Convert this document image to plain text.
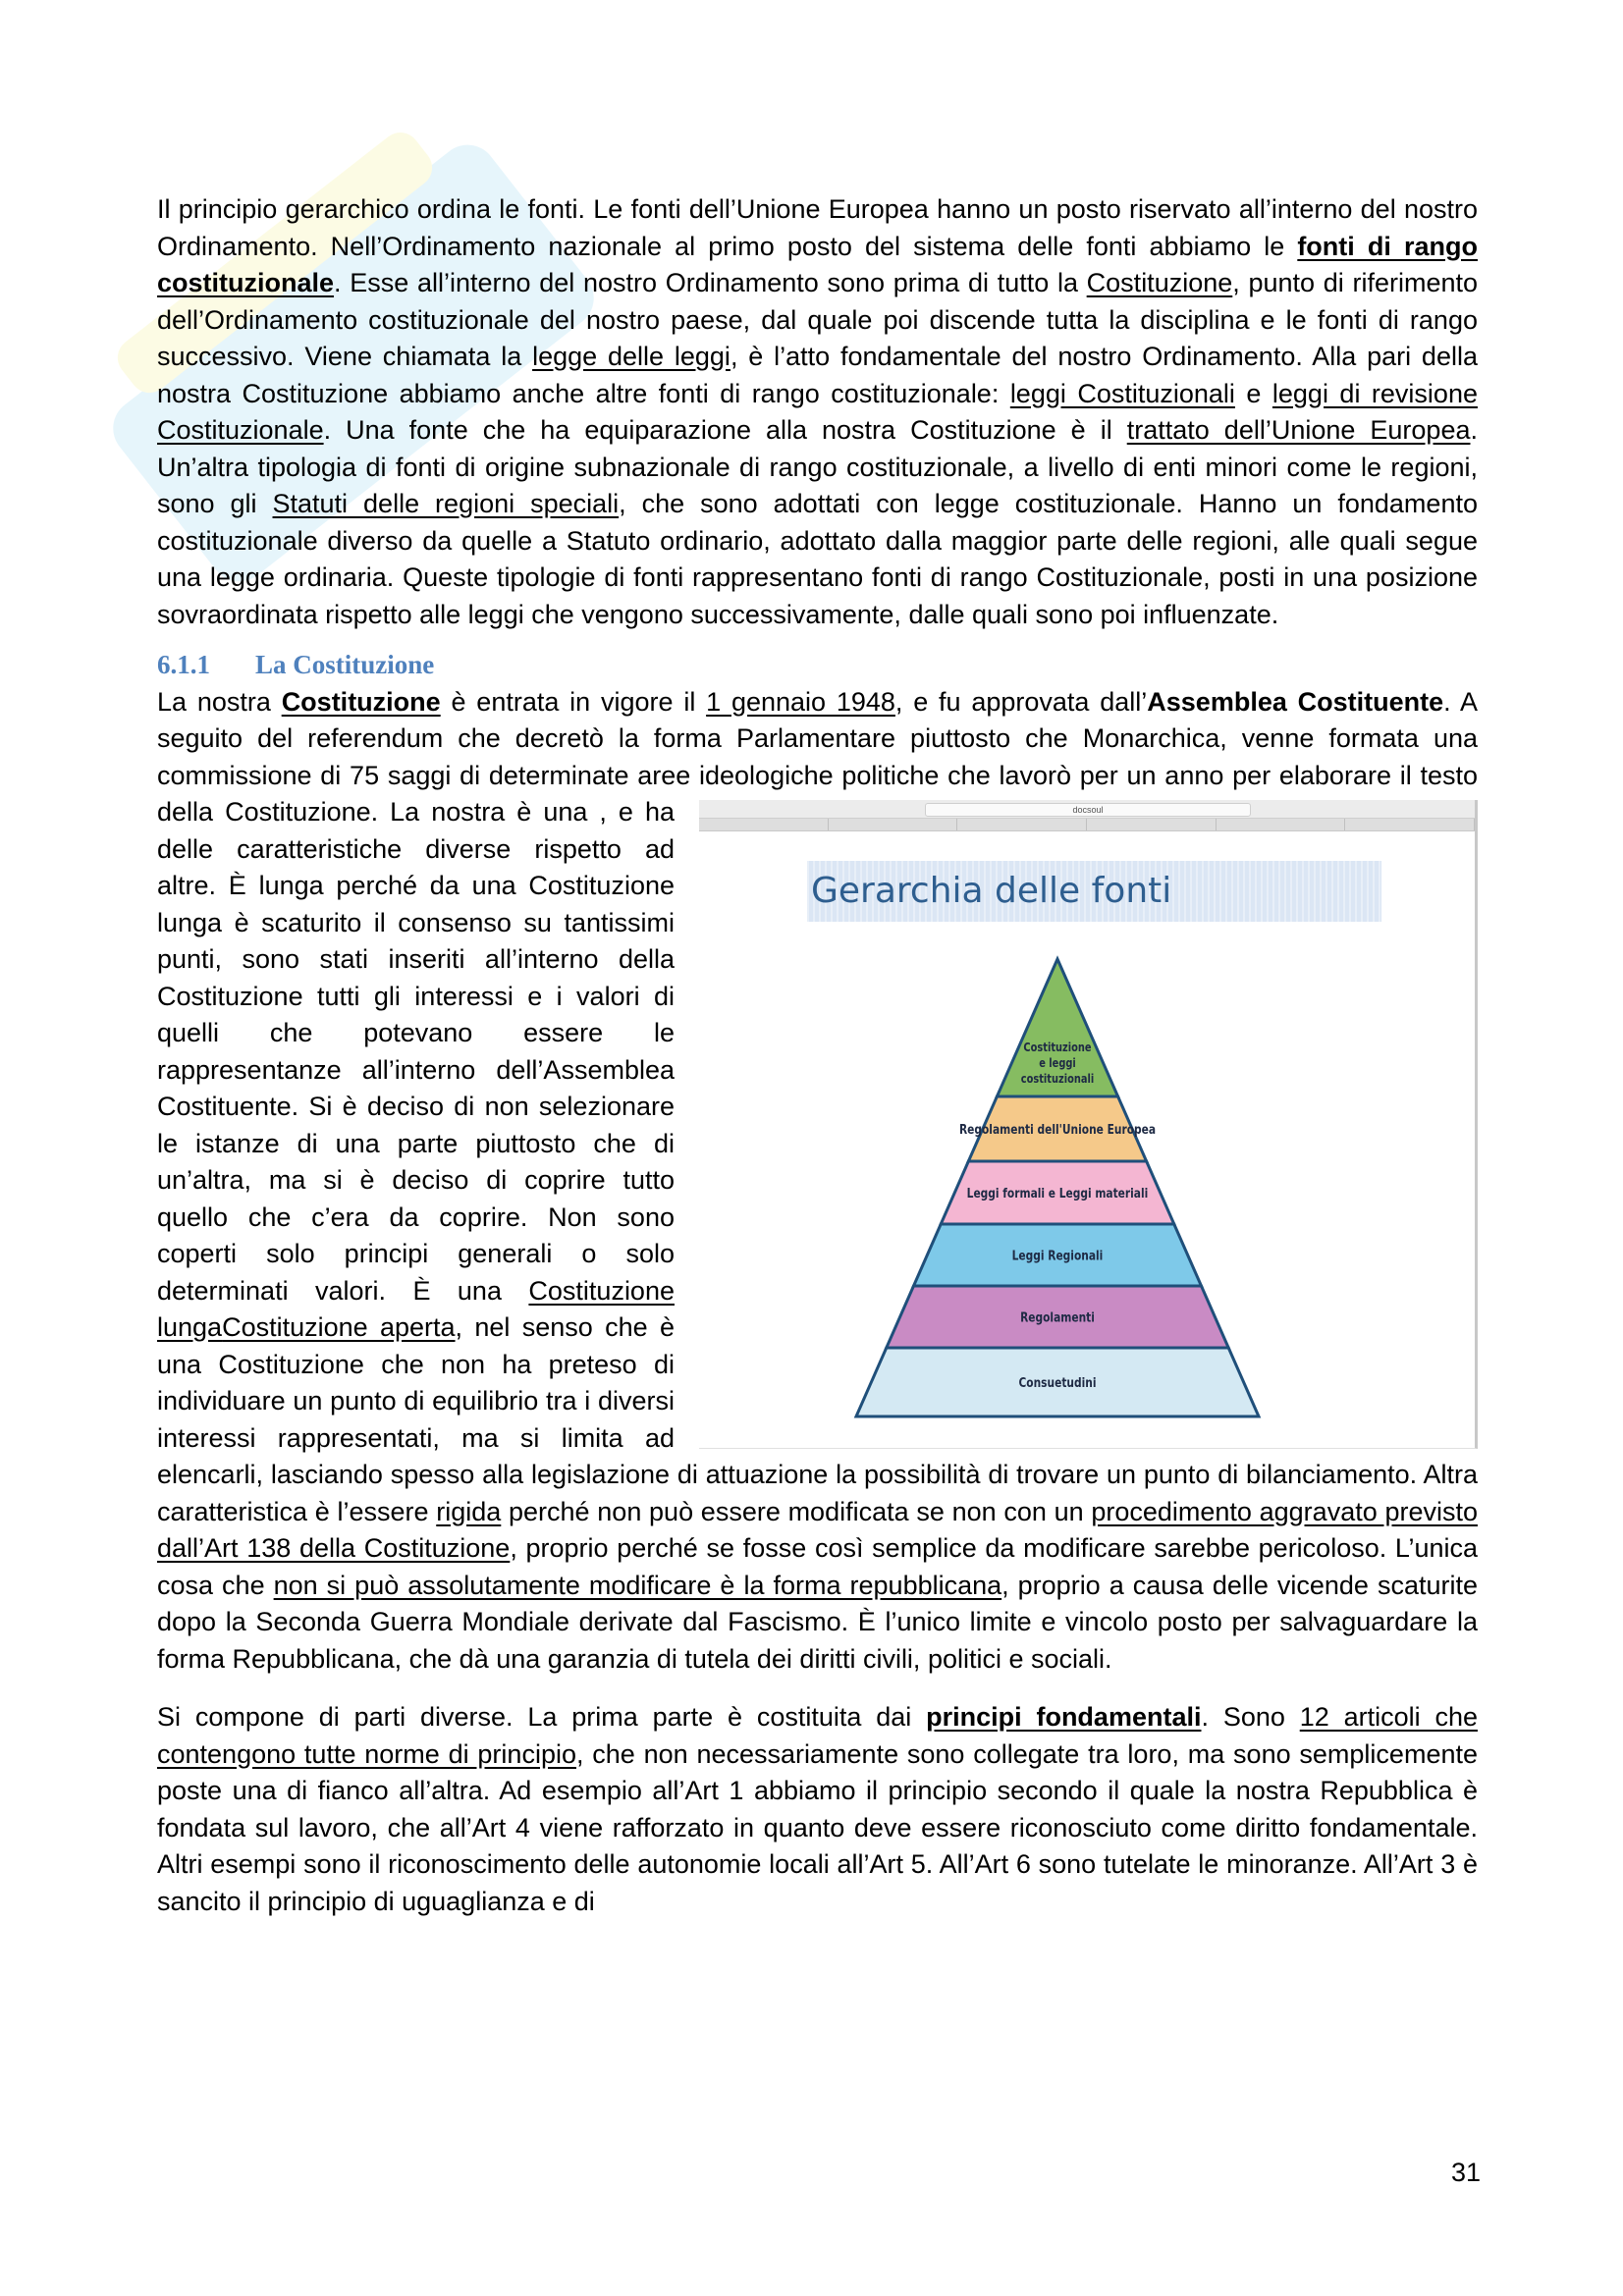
Il principio gerarchico ordina le fonti. Le fonti dell’Unione Europea hanno un posto riservato all’interno del nostro Ordinamento. Nell’Ordinamento nazionale al primo posto del sistema delle fonti abbiamo le fonti di rango costituzionale. Esse all’interno del nostro Ordinamento sono prima di tutto la Costituzione, punto di riferimento dell’Ordinamento costituzionale del nostro paese, dal quale poi discende tutta la disciplina e le fonti di rango successivo. Viene chiamata la legge delle leggi, è l’atto fondamentale del nostro Ordinamento. Alla pari della nostra Costituzione abbiamo anche altre fonti di rango costituzionale: leggi Costituzionali e leggi di revisione Costituzionale. Una fonte che ha equiparazione alla nostra Costituzione è il trattato dell’Unione Europea. Un’altra tipologia di fonti di origine subnazionale di rango costituzionale, a livello di enti minori come le regioni, sono gli Statuti delle regioni speciali, che sono adottati con legge costituzionale. Hanno un fondamento costituzionale diverso da quelle a Statuto ordinario, adottato dalla maggior parte delle regioni, alle quali segue una legge ordinaria. Queste tipologie di fonti rappresentano fonti di rango Costituzionale, posti in una posizione sovraordinata rispetto alle leggi che vengono successivamente, dalle quali sono poi influenzate.

6.1.1 La Costituzione

La nostra Costituzione è entrata in vigore il 1 gennaio 1948, e fu approvata dall’Assemblea Costituente. A seguito del referendum che decretò la forma Parlamentare piuttosto che Monarchica, venne formata una commissione di 75 saggi di determinate aree ideologiche politiche che lavorò per un anno per elaborare il testo della Costituzione. La nostra è una	docsoul
Gerarchia delle fonti
Costituzione
e leggi
costituzionali
Regolamenti dell'Unione Europea
Leggi formali e Leggi materiali
Leggi Regionali
Regolamenti
Consuetudini
, e ha delle caratteristiche diverse rispetto ad altre. È lunga perché da una Costituzione lunga è scaturito il consenso su tantissimi punti, sono stati inseriti all’interno della Costituzione tutti gli interessi e i valori di quelli che potevano essere le rappresentanze all’interno dell’Assemblea Costituente. Si è deciso di non selezionare le istanze di una parte piuttosto che di un’altra, ma si è deciso di coprire tutto quello che c’era da coprire. Non sono coperti solo principi generali o solo determinati valori. È una Costituzione lungaCostituzione aperta, nel senso che è una Costituzione che non ha preteso di individuare un punto di equilibrio tra i diversi interessi rappresentati, ma si limita ad elencarli, lasciando spesso alla legislazione di attuazione la possibilità di trovare un punto di bilanciamento. Altra caratteristica è l’essere rigida perché non può essere modificata se non con un procedimento aggravato previsto dall’Art 138 della Costituzione, proprio perché se fosse così semplice da modificare sarebbe pericoloso. L’unica cosa che non si può assolutamente modificare è la forma repubblicana, proprio a causa delle vicende scaturite dopo la Seconda Guerra Mondiale derivate dal Fascismo. È l’unico limite e vincolo posto per salvaguardare la forma Repubblicana, che dà una garanzia di tutela dei diritti civili, politici e sociali.

Si compone di parti diverse. La prima parte è costituita dai principi fondamentali. Sono 12 articoli che contengono tutte norme di principio, che non necessariamente sono collegate tra loro, ma sono semplicemente poste una di fianco all’altra. Ad esempio all’Art 1 abbiamo il principio secondo il quale la nostra Repubblica è fondata sul lavoro, che all’Art 4 viene rafforzato in quanto deve essere riconosciuto come diritto fondamentale. Altri esempi sono il riconoscimento delle autonomie locali all’Art 5. All’Art 6 sono tutelate le minoranze. All’Art 3 è sancito il principio di uguaglianza e di

31
